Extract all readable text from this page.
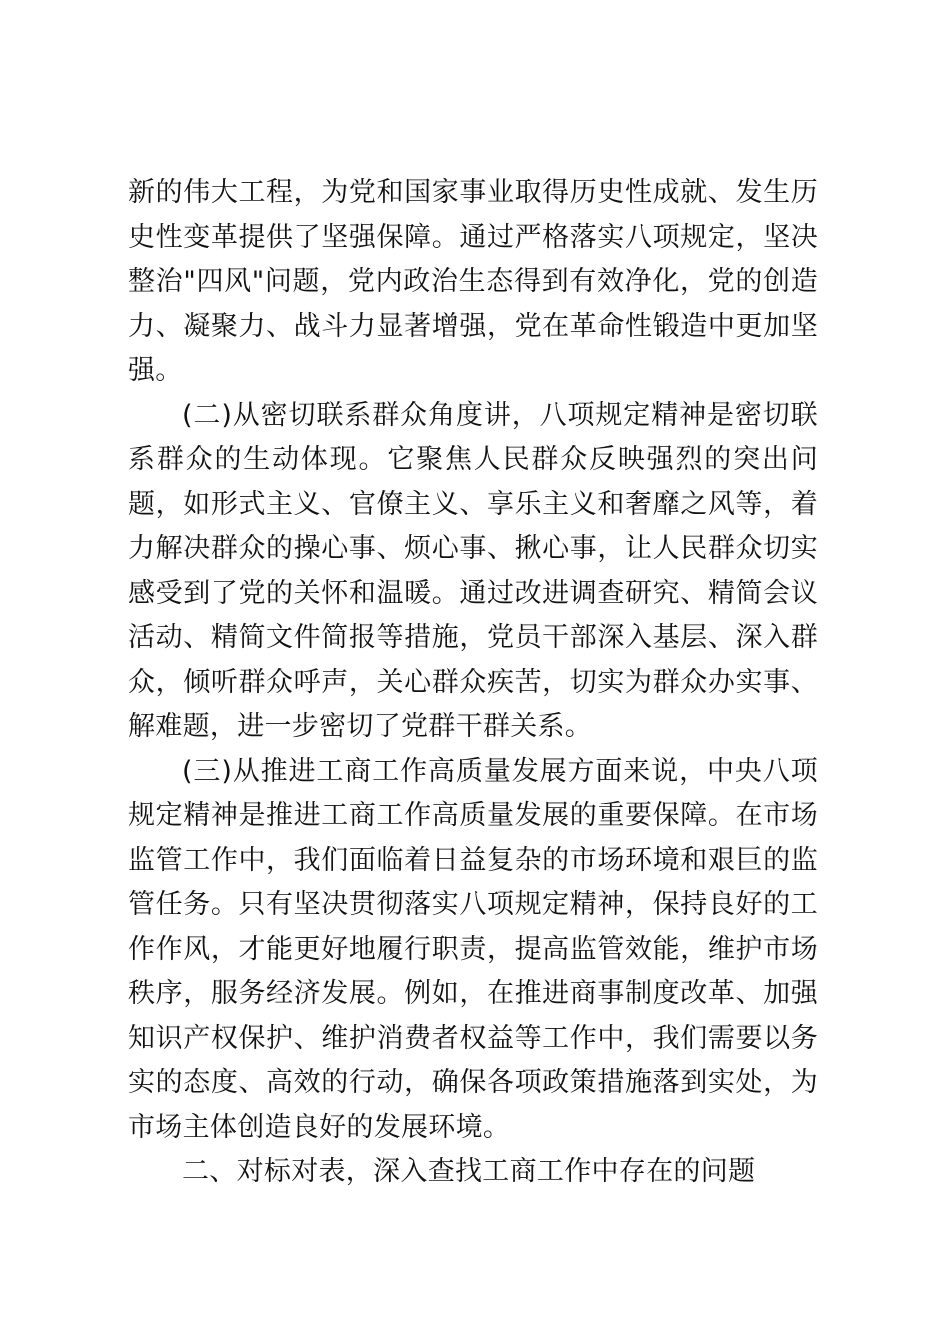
新的伟大工程，为党和国家事业取得历史性成就、发生历史性变革提供了坚强保障。通过严格落实八项规定，坚决整治"四风"问题，党内政治生态得到有效净化，党的创造力、凝聚力、战斗力显著增强，党在革命性锻造中更加坚强。

(二)从密切联系群众角度讲，八项规定精神是密切联系群众的生动体现。它聚焦人民群众反映强烈的突出问题，如形式主义、官僚主义、享乐主义和奢靡之风等，着力解决群众的操心事、烦心事、揪心事，让人民群众切实感受到了党的关怀和温暖。通过改进调查研究、精简会议活动、精简文件简报等措施，党员干部深入基层、深入群众，倾听群众呼声，关心群众疾苦，切实为群众办实事、解难题，进一步密切了党群干群关系。

(三)从推进工商工作高质量发展方面来说，中央八项规定精神是推进工商工作高质量发展的重要保障。在市场监管工作中，我们面临着日益复杂的市场环境和艰巨的监管任务。只有坚决贯彻落实八项规定精神，保持良好的工作作风，才能更好地履行职责，提高监管效能，维护市场秩序，服务经济发展。例如，在推进商事制度改革、加强知识产权保护、维护消费者权益等工作中，我们需要以务实的态度、高效的行动，确保各项政策措施落到实处，为市场主体创造良好的发展环境。

二、对标对表，深入查找工商工作中存在的问题
